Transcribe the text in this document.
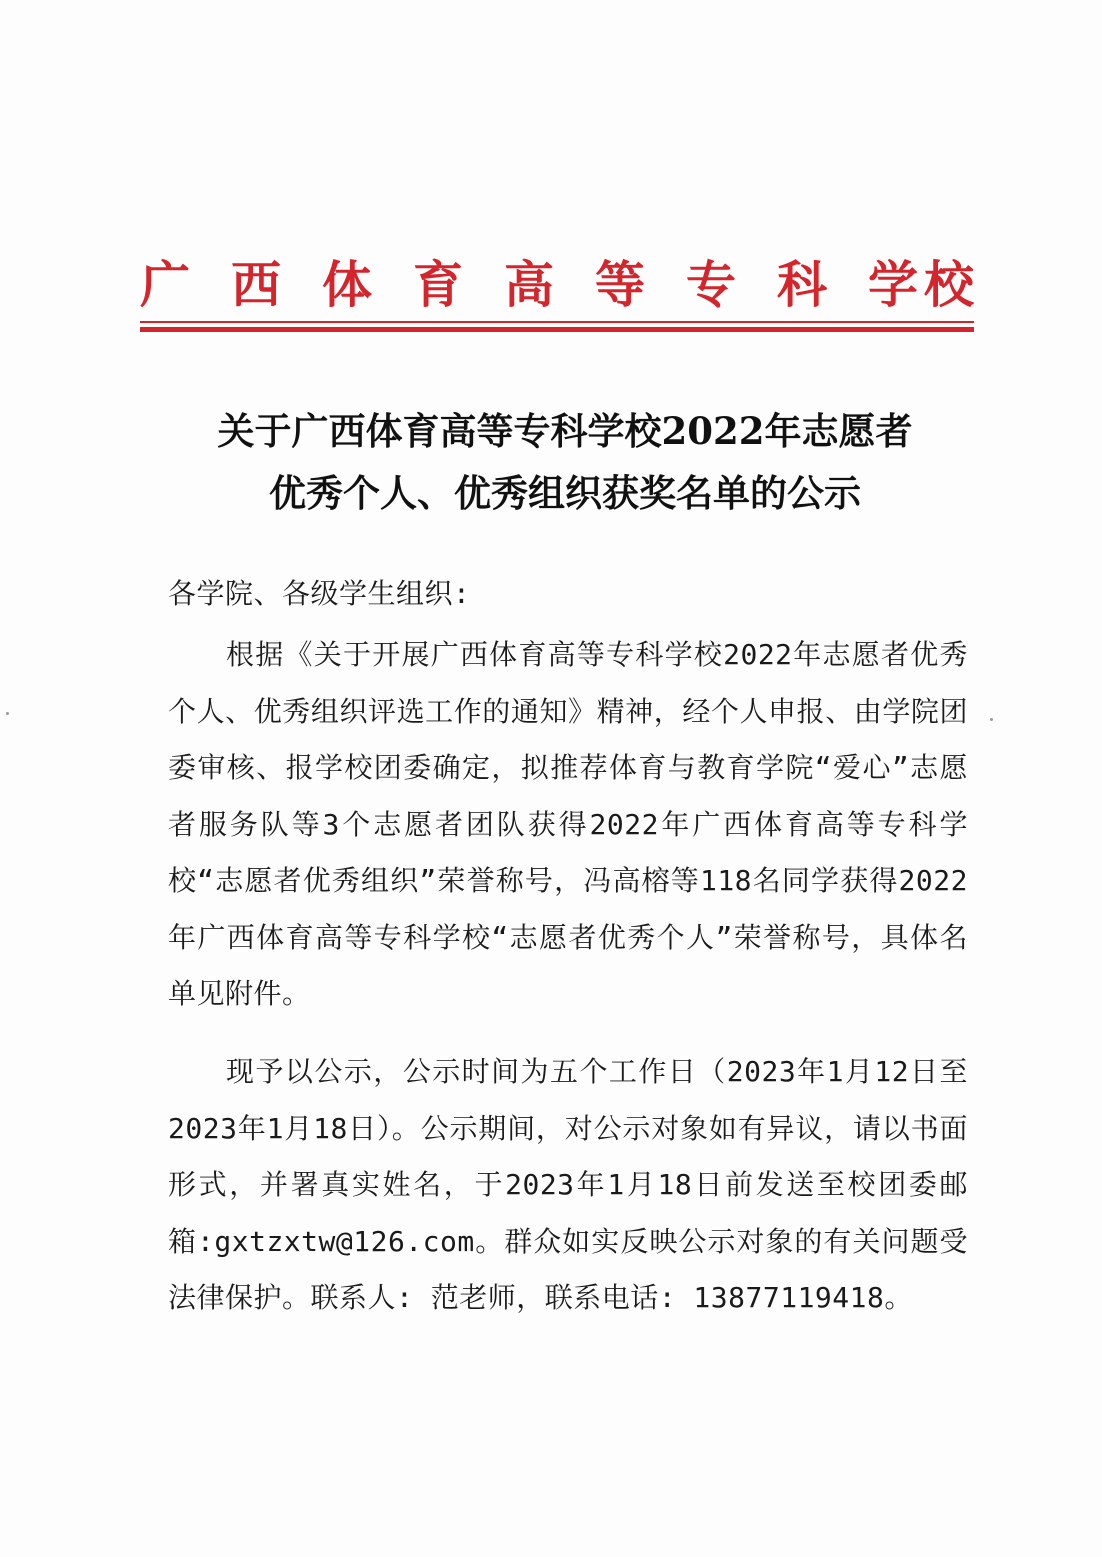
广 西 体 育 高 等 专 科 学 校
关于广西体育高等专科学校2022年志愿者
优秀个人、优秀组织获奖名单的公示
各学院、各级学生组织:
根据《关于开展广西体育高等专科学校2022年志愿者优秀个人、优秀组织评选工作的通知》精神，经个人申报、由学院团委审核、报学校团委确定，拟推荐体育与教育学院“爱心”志愿者服务队等3个志愿者团队获得2022年广西体育高等专科学校“志愿者优秀组织”荣誉称号，冯高榕等118名同学获得2022年广西体育高等专科学校“志愿者优秀个人”荣誉称号，具体名单见附件。
现予以公示，公示时间为五个工作日（2023年1月12日至2023年1月18日）。公示期间，对公示对象如有异议，请以书面形式，并署真实姓名，于2023年1月18日前发送至校团委邮箱:gxtzxtw@126.com。群众如实反映公示对象的有关问题受法律保护。联系人: 范老师，联系电话: 13877119418。
